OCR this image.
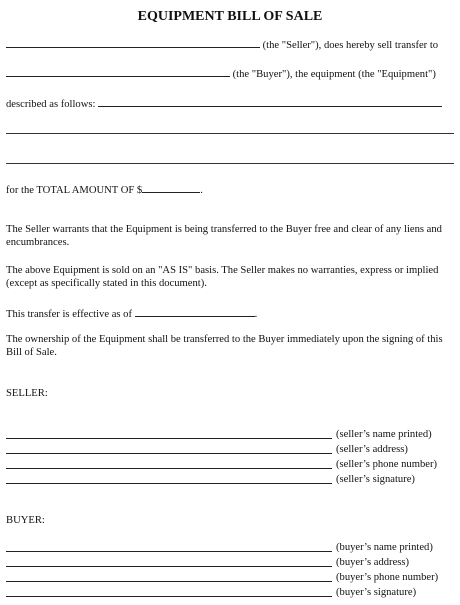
EQUIPMENT BILL OF SALE
(the "Seller"), does hereby sell transfer to
(the "Buyer"), the equipment (the "Equipment")
described as follows:
for the TOTAL AMOUNT OF $	.
The Seller warrants that the Equipment is being transferred to the Buyer free and clear of any liens and encumbrances.
The above Equipment is sold on an "AS IS" basis. The Seller makes no warranties, express or implied (except as specifically stated in this document).
This transfer is effective as of	.
The ownership of the Equipment shall be transferred to the Buyer immediately upon the signing of this Bill of Sale.
SELLER:
(seller’s name printed)
(seller’s address)
(seller’s phone number)
(seller’s signature)
BUYER:
(buyer’s name printed)
(buyer’s address)
(buyer’s phone number)
(buyer’s signature)
